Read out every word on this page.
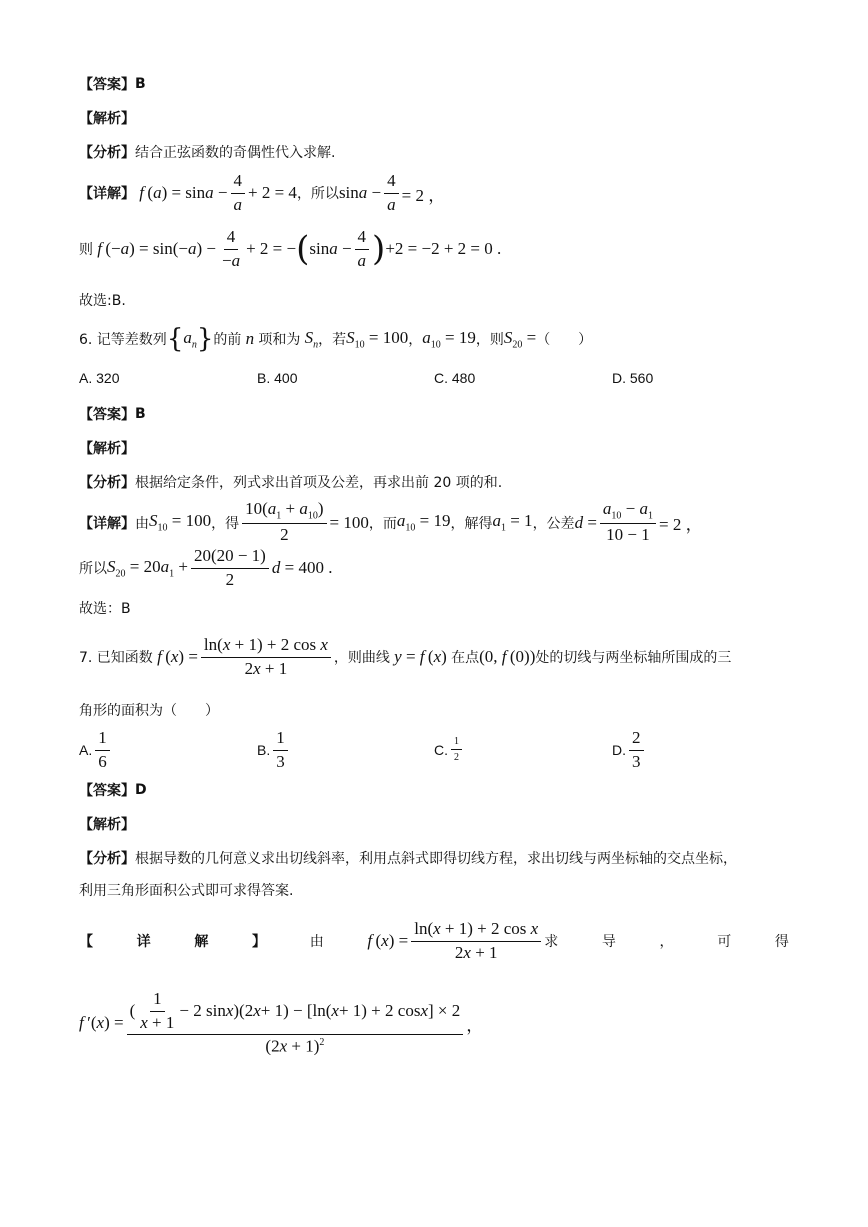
【答案】 B
【解析】
【分析】 结合正弦函数的奇偶性代入求解.
【详解】 f $(a) = \sin a - \frac{4}{a} + 2 = 4$ ，所以 $\sin a - \frac{4}{a} = 2$ ，
则 f $(-a) = \sin(-a) - \frac{4}{-a} + 2$ = − ( $\sin a - \frac{4}{a}$ ) +2 = −2 + 2 = 0 .
故选:B.
6. 记等差数列 { $a_n$ } 的前 n 项和为 $S_n$ ，若 $S_{10} = 100$ ， $a_{10} = 19$ ，则 $S_{20}$ = （　　）
A.
320	B.
400	C.
480	D.
560
【答案】 B
【解析】
【分析】 根据给定条件，列式求出首项及公差，再求出前 20 项的和.
【详解】 由 $S_{10} = 100$ ，得 $\frac{10(a_1 + a_{10})}{2} = 100$ ，而 $a_{10} = 19$ ，解得 $a_1 = 1$ ，公差 $d = \frac{a_{10} - a_1}{10 - 1} = 2$ ，
所以 $S_{20} = 20a_1 + \frac{20(20 - 1)}{2}$ d = 400 .
故选：B
7. 已知函数 f $(x) = \frac{\text{ln(x + 1) + 2 cos x}}{2x + 1}$ ，则曲线 y = f (x) 在点 (0, f (0)) 处的切线与两坐标轴所围成的三
角形的面积为（　　）
A. $\frac{1}{6}$	B. $\frac{1}{3}$	C. $\frac{1}{2}$	D. $\frac{2}{3}$
【答案】 D
【解析】
【分析】 根据导数的几何意义求出切线斜率，利用点斜式即得切线方程，求出切线与两坐标轴的交点坐标，
利用三角形面积公式即可求得答案.
【	详	解	】	由	f $(x) = \frac{\text{ln(x + 1) + 2 cos x}}{2x + 1}$ 求	导	，	可	得
f $'(x) = \frac{( \frac{1}{x + 1} - 2 \sin x )(2 x + 1) - [\ln( x + 1) + 2 \cos x ] \times 2}{(2x + 1)^2}$ ，
